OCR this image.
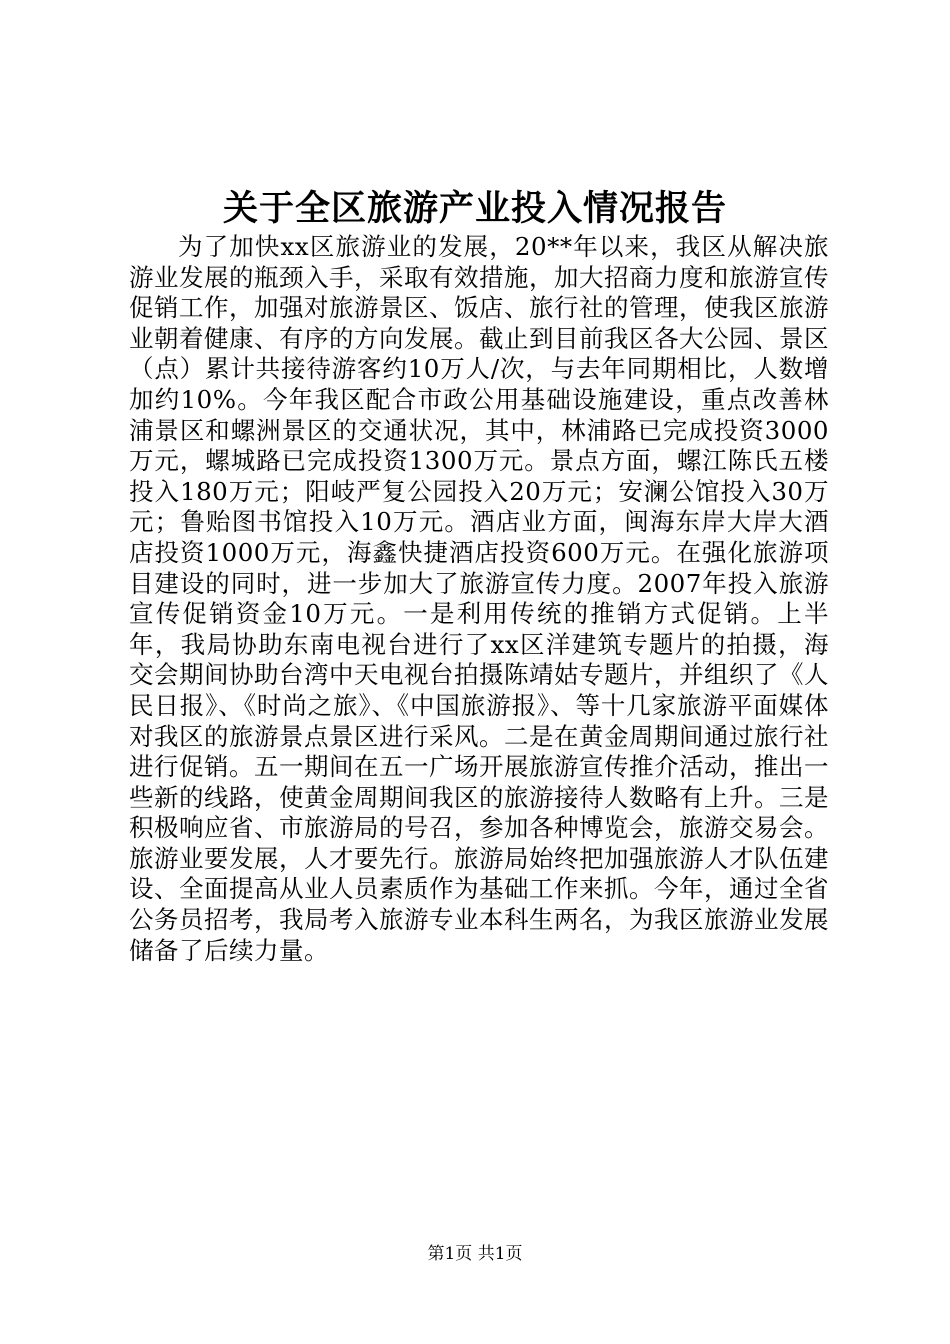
关于全区旅游产业投入情况报告

为了加快xx区旅游业的发展，20**年以来，我区从解决旅游业发展的瓶颈入手，采取有效措施，加大招商力度和旅游宣传促销工作，加强对旅游景区、饭店、旅行社的管理，使我区旅游业朝着健康、有序的方向发展。截止到目前我区各大公园、景区（点）累计共接待游客约10万人/次，与去年同期相比，人数增加约10%。今年我区配合市政公用基础设施建设，重点改善林浦景区和螺洲景区的交通状况，其中，林浦路已完成投资3000万元，螺城路已完成投资1300万元。景点方面，螺江陈氏五楼投入180万元；阳岐严复公园投入20万元；安澜公馆投入30万元；鲁贻图书馆投入10万元。酒店业方面，闽海东岸大岸大酒店投资1000万元，海鑫快捷酒店投资600万元。在强化旅游项目建设的同时，进一步加大了旅游宣传力度。2007年投入旅游宣传促销资金10万元。一是利用传统的推销方式促销。上半年，我局协助东南电视台进行了xx区洋建筑专题片的拍摄，海交会期间协助台湾中天电视台拍摄陈靖姑专题片，并组织了《人民日报》、《时尚之旅》、《中国旅游报》、等十几家旅游平面媒体对我区的旅游景点景区进行采风。二是在黄金周期间通过旅行社进行促销。五一期间在五一广场开展旅游宣传推介活动，推出一些新的线路，使黄金周期间我区的旅游接待人数略有上升。三是积极响应省、市旅游局的号召，参加各种博览会，旅游交易会。旅游业要发展，人才要先行。旅游局始终把加强旅游人才队伍建设、全面提高从业人员素质作为基础工作来抓。今年，通过全省公务员招考，我局考入旅游专业本科生两名，为我区旅游业发展储备了后续力量。

第1页 共1页
